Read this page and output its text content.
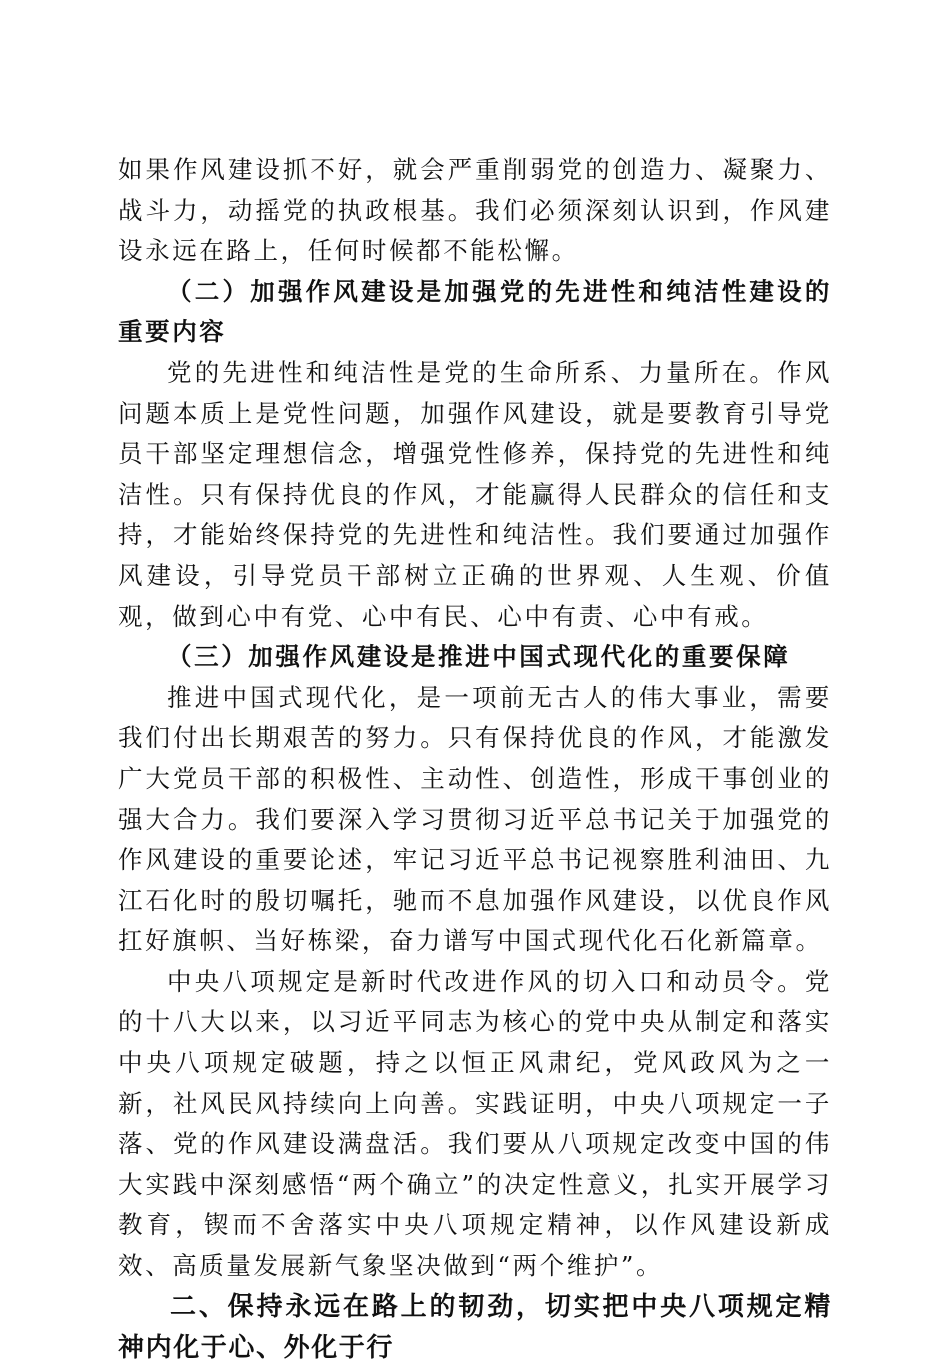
如果作风建设抓不好，就会严重削弱党的创造力、凝聚力、战斗力，动摇党的执政根基。我们必须深刻认识到，作风建设永远在路上，任何时候都不能松懈。

（二）加强作风建设是加强党的先进性和纯洁性建设的重要内容

党的先进性和纯洁性是党的生命所系、力量所在。作风问题本质上是党性问题，加强作风建设，就是要教育引导党员干部坚定理想信念，增强党性修养，保持党的先进性和纯洁性。只有保持优良的作风，才能赢得人民群众的信任和支持，才能始终保持党的先进性和纯洁性。我们要通过加强作风建设，引导党员干部树立正确的世界观、人生观、价值观，做到心中有党、心中有民、心中有责、心中有戒。

（三）加强作风建设是推进中国式现代化的重要保障

推进中国式现代化，是一项前无古人的伟大事业，需要我们付出长期艰苦的努力。只有保持优良的作风，才能激发广大党员干部的积极性、主动性、创造性，形成干事创业的强大合力。我们要深入学习贯彻习近平总书记关于加强党的作风建设的重要论述，牢记习近平总书记视察胜利油田、九江石化时的殷切嘱托，驰而不息加强作风建设，以优良作风扛好旗帜、当好栋梁，奋力谱写中国式现代化石化新篇章。

中央八项规定是新时代改进作风的切入口和动员令。党的十八大以来，以习近平同志为核心的党中央从制定和落实中央八项规定破题，持之以恒正风肃纪，党风政风为之一新，社风民风持续向上向善。实践证明，中央八项规定一子落、党的作风建设满盘活。我们要从八项规定改变中国的伟大实践中深刻感悟“两个确立”的决定性意义，扎实开展学习教育，锲而不舍落实中央八项规定精神，以作风建设新成效、高质量发展新气象坚决做到“两个维护”。

二、保持永远在路上的韧劲，切实把中央八项规定精神内化于心、外化于行
